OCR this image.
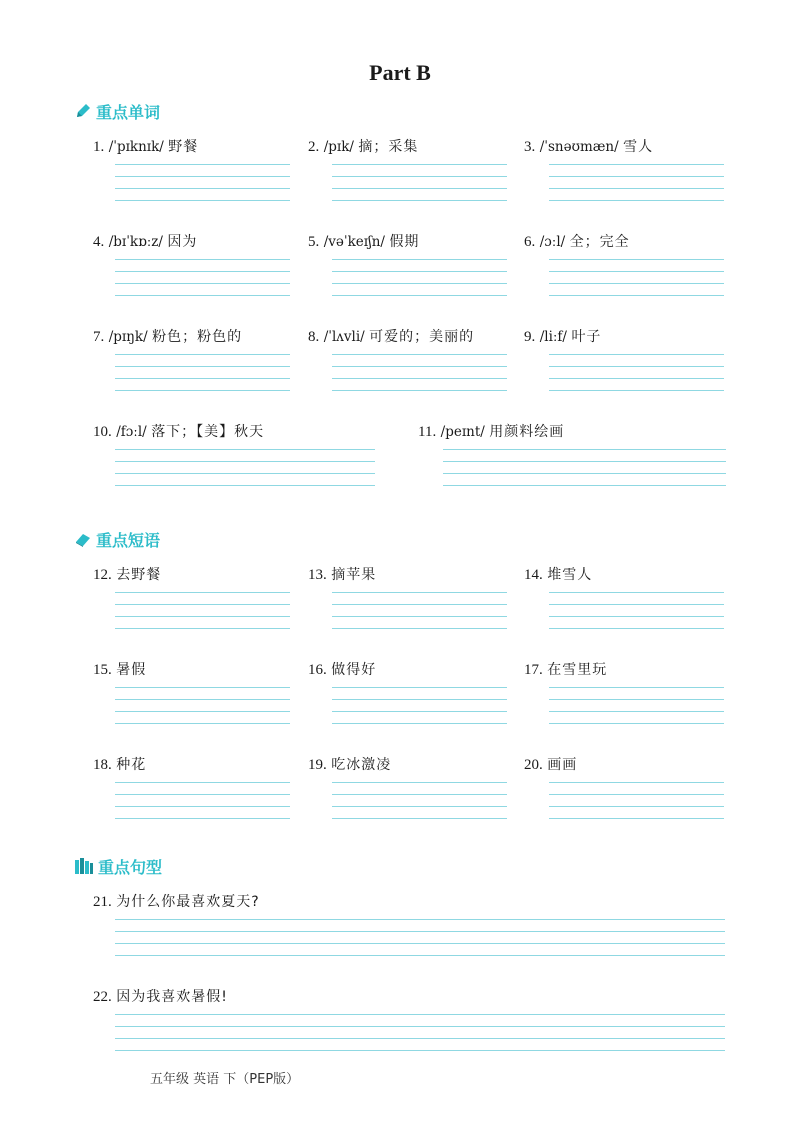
Part B
重点单词
重点短语
重点句型
1. /ˈpɪknɪk/ 野餐	2. /pɪk/ 摘；采集	3. /ˈsnəʊmæn/ 雪人
4. /bɪˈkɒːz/ 因为	5. /vəˈkeɪʃn/ 假期	6. /ɔːl/ 全；完全
7. /pɪŋk/ 粉色；粉色的	8. /ˈlʌvli/ 可爱的；美丽的	9. /liːf/ 叶子
10. /fɔːl/ 落下；【美】秋天	11. /peɪnt/ 用颜料绘画
12. 去野餐	13. 摘苹果	14. 堆雪人
15. 暑假	16. 做得好	17. 在雪里玩
18. 种花	19. 吃冰激凌	20. 画画
21. 为什么你最喜欢夏天?
22. 因为我喜欢暑假!
五年级 英语 下（PEP版）
